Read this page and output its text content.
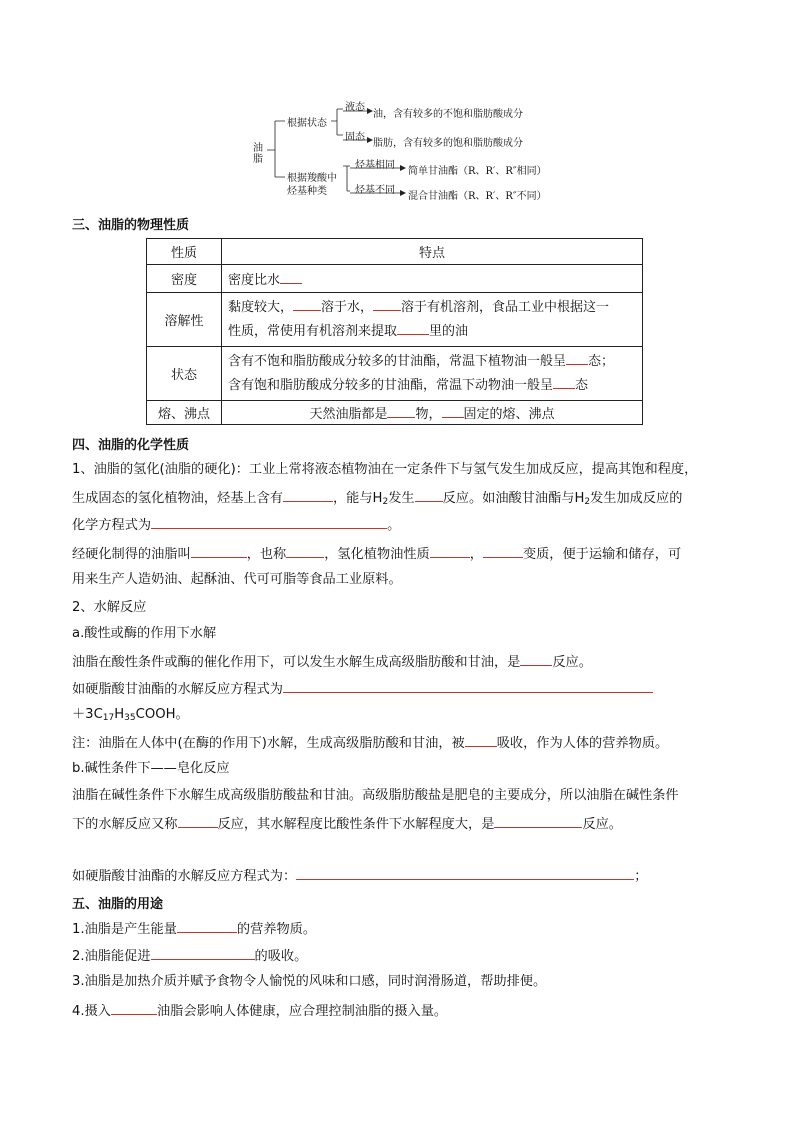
油脂
根据状态
液态
油，含有较多的不饱和脂肪酸成分
固态
脂肪，含有较多的饱和脂肪酸成分
根据羧酸中
烃基种类
烃基相同
简单甘油酯（R、R′、R″相同）
烃基不同
混合甘油酯（R、R′、R″不同）
三、油脂的物理性质
性质	特点
密度	密度比水
溶解性	黏度较大， 溶于水， 溶于有机溶剂，食品工业中根据这一
性质，常使用有机溶剂来提取 里的油
状态	含有不饱和脂肪酸成分较多的甘油酯，常温下植物油一般呈 态；
含有饱和脂肪酸成分较多的甘油酯，常温下动物油一般呈 态
熔、沸点	天然油脂都是 物， 固定的熔、沸点
四、油脂的化学性质
1、油脂的氢化(油脂的硬化)：工业上常将液态植物油在一定条件下与氢气发生加成反应，提高其饱和程度，
生成固态的氢化植物油，烃基上含有	，能与$H_2$发生 反应。如油酸甘油酯与$H_2$发生加成反应的
化学方程式为	。
经硬化制得的油脂叫	，也称	，氢化植物油性质	，	变质，便于运输和储存，可
用来生产人造奶油、起酥油、代可可脂等食品工业原料。
2、水解反应
a.酸性或酶的作用下水解
油脂在酸性条件或酶的催化作用下，可以发生水解生成高级脂肪酸和甘油，是 反应。
如硬脂酸甘油酯的水解反应方程式为
$+3C_{17}H_{35}COOH$。
注：油脂在人体中(在酶的作用下)水解，生成高级脂肪酸和甘油，被 吸收，作为人体的营养物质。
b.碱性条件下——皂化反应
油脂在碱性条件下水解生成高级脂肪酸盐和甘油。高级脂肪酸盐是肥皂的主要成分，所以油脂在碱性条件
下的水解反应又称	反应，其水解程度比酸性条件下水解程度大，是	反应。
如硬脂酸甘油酯的水解反应方程式为：	；
五、油脂的用途
1.油脂是产生能量	的营养物质。
2.油脂能促进	的吸收。
3.油脂是加热介质并赋予食物令人愉悦的风味和口感，同时润滑肠道，帮助排便。
4.摄入	油脂会影响人体健康，应合理控制油脂的摄入量。
